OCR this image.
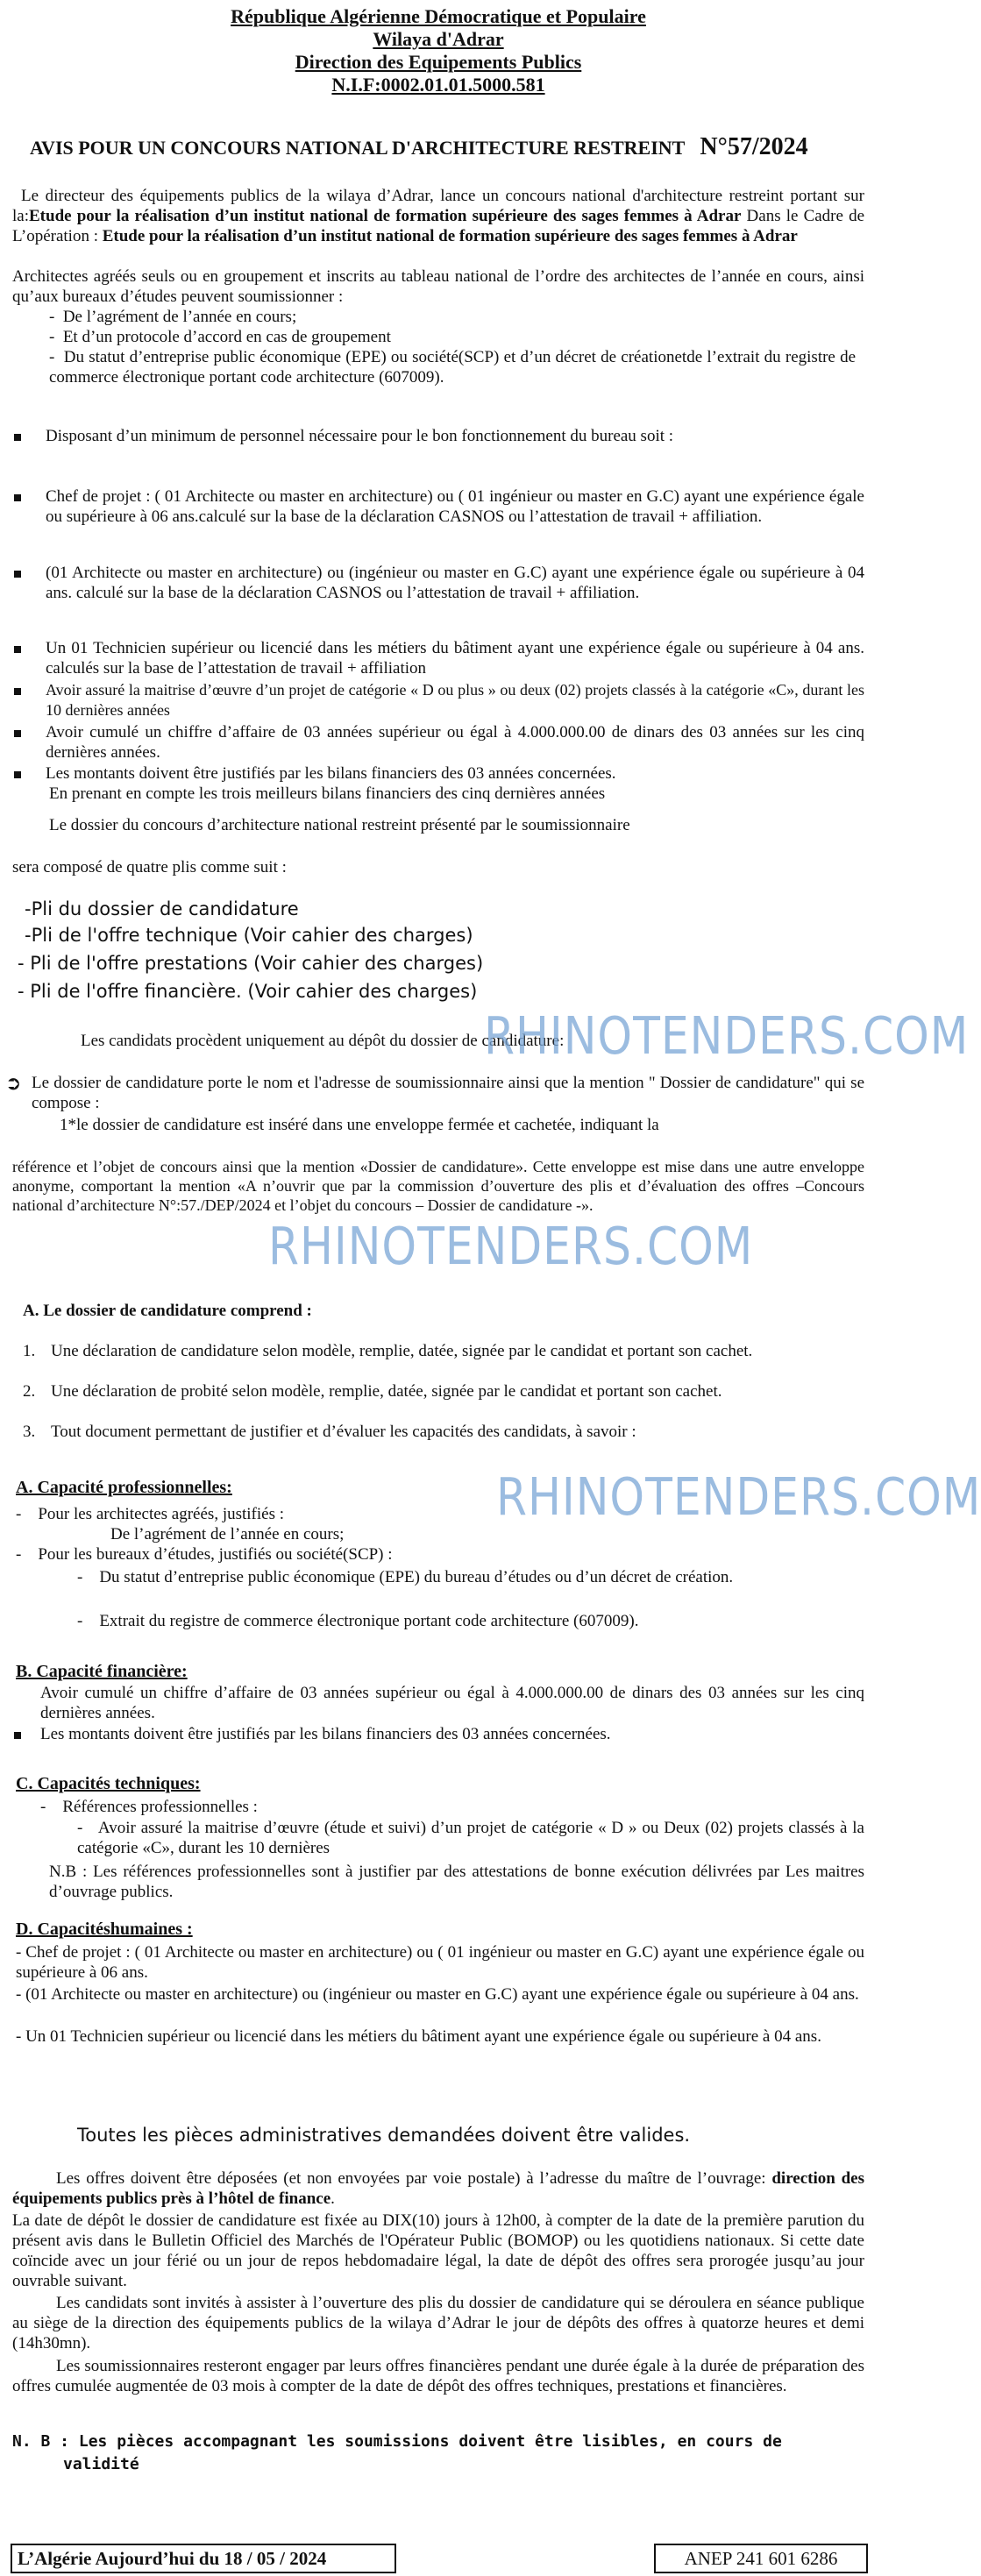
République Algérienne Démocratique et Populaire
Wilaya d'Adrar
Direction des Equipements Publics
N.I.F:0002.01.01.5000.581
AVIS POUR UN CONCOURS NATIONAL D'ARCHITECTURE RESTREINT N°57/2024
Le directeur des équipements publics de la wilaya d’Adrar, lance un concours national d'architecture restreint portant sur la:Etude pour la réalisation d’un institut national de formation supérieure des sages femmes à Adrar Dans le Cadre de L’opération : Etude pour la réalisation d’un institut national de formation supérieure des sages femmes à Adrar
Architectes agréés seuls ou en groupement et inscrits au tableau national de l’ordre des architectes de l’année en cours, ainsi qu’aux bureaux d’études peuvent soumissionner :
-  De l’agrément de l’année en cours;
-  Et d’un protocole d’accord en cas de groupement
-  Du statut d’entreprise public économique (EPE) ou société(SCP) et d’un décret de créationetde l’extrait du registre de commerce électronique portant code architecture (607009).
Disposant d’un minimum de personnel nécessaire pour le bon fonctionnement du bureau soit :
Chef de projet : ( 01 Architecte ou master en architecture) ou ( 01 ingénieur ou master en G.C) ayant une expérience égale ou supérieure à 06 ans.calculé sur la base de la déclaration CASNOS ou l’attestation de travail + affiliation.
(01 Architecte ou master en architecture) ou (ingénieur ou master en G.C) ayant une expérience égale ou supérieure à 04 ans. calculé sur la base de la déclaration CASNOS ou l’attestation de travail + affiliation.
Un 01 Technicien supérieur ou licencié dans les métiers du bâtiment ayant une expérience égale ou supérieure à 04 ans. calculés sur la base de l’attestation de travail + affiliation
Avoir assuré la maitrise d’œuvre d’un projet de catégorie « D ou plus » ou deux (02) projets classés à la catégorie «C», durant les 10 dernières années
Avoir cumulé un chiffre d’affaire de 03 années supérieur ou égal à 4.000.000.00 de dinars des 03 années sur les cinq dernières années.
Les montants doivent être justifiés par les bilans financiers des 03 années concernées.
En prenant en compte les trois meilleurs bilans financiers des cinq dernières années
Le dossier du concours d’architecture national restreint présenté par le soumissionnaire
sera composé de quatre plis comme suit :
-Pli du dossier de candidature
-Pli de l'offre technique (Voir cahier des charges)
- Pli de l'offre prestations (Voir cahier des charges)
- Pli de l'offre financière. (Voir cahier des charges)
Les candidats procèdent uniquement au dépôt du dossier de candidature:
➲ Le dossier de candidature porte le nom et l'adresse de soumissionnaire ainsi que la mention " Dossier de candidature" qui se compose :
1*le dossier de candidature est inséré dans une enveloppe fermée et cachetée, indiquant la
référence et l’objet de concours ainsi que la mention «Dossier de candidature». Cette enveloppe est mise dans une autre enveloppe anonyme, comportant la mention «A n’ouvrir que par la commission d’ouverture des plis et d’évaluation des offres –Concours national d’architecture N°:57./DEP/2024 et l’objet du concours – Dossier de candidature -».
A. Le dossier de candidature comprend :
1. Une déclaration de candidature selon modèle, remplie, datée, signée par le candidat et portant son cachet.
2. Une déclaration de probité selon modèle, remplie, datée, signée par le candidat et portant son cachet.
3. Tout document permettant de justifier et d’évaluer les capacités des candidats, à savoir :
A. Capacité professionnelles:
-    Pour les architectes agréés, justifiés :
De l’agrément de l’année en cours;
-    Pour les bureaux d’études, justifiés ou société(SCP) :
-    Du statut d’entreprise public économique (EPE) du bureau d’études ou d’un décret de création.
-    Extrait du registre de commerce électronique portant code architecture (607009).
B. Capacité financière:
Avoir cumulé un chiffre d’affaire de 03 années supérieur ou égal à 4.000.000.00 de dinars des 03 années sur les cinq dernières années.
Les montants doivent être justifiés par les bilans financiers des 03 années concernées.
C. Capacités techniques:
-    Références professionnelles :
-   Avoir assuré la maitrise d’œuvre (étude et suivi) d’un projet de catégorie « D » ou Deux (02) projets classés à la catégorie «C», durant les 10 dernières
N.B : Les références professionnelles sont à justifier par des attestations de bonne exécution délivrées par Les maitres d’ouvrage publics.
D. Capacitéshumaines :
- Chef de projet : ( 01 Architecte ou master en architecture) ou ( 01 ingénieur ou master en G.C) ayant une expérience égale ou supérieure à 06 ans.
- (01 Architecte ou master en architecture) ou (ingénieur ou master en G.C) ayant une expérience égale ou supérieure à 04 ans.
- Un 01 Technicien supérieur ou licencié dans les métiers du bâtiment ayant une expérience égale ou supérieure à 04 ans.
Toutes les pièces administratives demandées doivent être valides.
Les offres doivent être déposées (et non envoyées par voie postale) à l’adresse du maître de l’ouvrage: direction des équipements publics près à l’hôtel de finance.
La date de dépôt le dossier de candidature est fixée au DIX(10) jours à 12h00, à compter de la date de la première parution du présent avis dans le Bulletin Officiel des Marchés de l'Opérateur Public (BOMOP) ou les quotidiens nationaux. Si cette date coïncide avec un jour férié ou un jour de repos hebdomadaire légal, la date de dépôt des offres sera prorogée jusqu’au jour ouvrable suivant.
Les candidats sont invités à assister à l’ouverture des plis du dossier de candidature qui se déroulera en séance publique au siège de la direction des équipements publics de la wilaya d’Adrar le jour de dépôts des offres à quatorze heures et demi (14h30mn).
Les soumissionnaires resteront engager par leurs offres financières pendant une durée égale à la durée de préparation des offres cumulée augmentée de 03 mois à compter de la date de dépôt des offres techniques, prestations et financières.
N. B : Les pièces accompagnant les soumissions doivent être lisibles, en cours de
validité
RHINOTENDERS.COM
RHINOTENDERS.COM
RHINOTENDERS.COM
L’Algérie Aujourd’hui du 18 / 05 / 2024	ANEP 241 601 6286
